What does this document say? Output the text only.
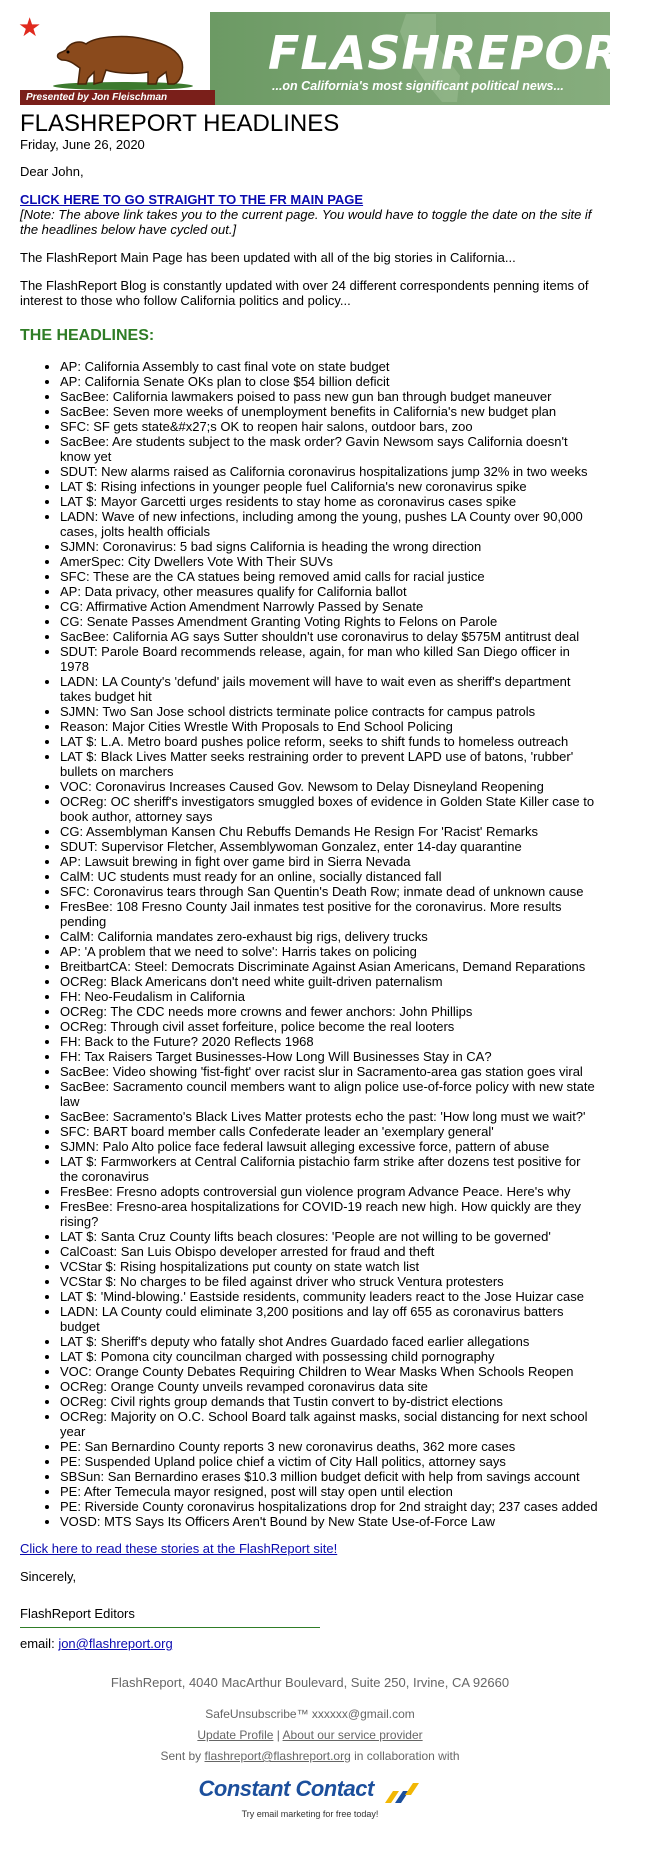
★
Presented by Jon Fleischman
FLASHREPORT
...on California's most significant political news...
FLASHREPORT HEADLINES
Friday, June 26, 2020

Dear John,

CLICK HERE TO GO STRAIGHT TO THE FR MAIN PAGE

[Note: The above link takes you to the current page. You would have to toggle the date on the site if the headlines below have cycled out.]

The FlashReport Main Page has been updated with all of the big stories in California...

The FlashReport Blog is constantly updated with over 24 different correspondents penning items of interest to those who follow California politics and policy...

THE HEADLINES:
• AP: California Assembly to cast final vote on state budget
• AP: California Senate OKs plan to close $54 billion deficit
• SacBee: California lawmakers poised to pass new gun ban through budget maneuver
• SacBee: Seven more weeks of unemployment benefits in California's new budget plan
• SFC: SF gets state&#x27;s OK to reopen hair salons, outdoor bars, zoo
• SacBee: Are students subject to the mask order? Gavin Newsom says California doesn't know yet
• SDUT: New alarms raised as California coronavirus hospitalizations jump 32% in two weeks
• LAT $: Rising infections in younger people fuel California's new coronavirus spike
• LAT $: Mayor Garcetti urges residents to stay home as coronavirus cases spike
• LADN: Wave of new infections, including among the young, pushes LA County over 90,000 cases, jolts health officials
• SJMN: Coronavirus: 5 bad signs California is heading the wrong direction
• AmerSpec: City Dwellers Vote With Their SUVs
• SFC: These are the CA statues being removed amid calls for racial justice
• AP: Data privacy, other measures qualify for California ballot
• CG: Affirmative Action Amendment Narrowly Passed by Senate
• CG: Senate Passes Amendment Granting Voting Rights to Felons on Parole
• SacBee: California AG says Sutter shouldn't use coronavirus to delay $575M antitrust deal
• SDUT: Parole Board recommends release, again, for man who killed San Diego officer in 1978
• LADN: LA County's 'defund' jails movement will have to wait even as sheriff's department takes budget hit
• SJMN: Two San Jose school districts terminate police contracts for campus patrols
• Reason: Major Cities Wrestle With Proposals to End School Policing
• LAT $: L.A. Metro board pushes police reform, seeks to shift funds to homeless outreach
• LAT $: Black Lives Matter seeks restraining order to prevent LAPD use of batons, 'rubber' bullets on marchers
• VOC: Coronavirus Increases Caused Gov. Newsom to Delay Disneyland Reopening
• OCReg: OC sheriff's investigators smuggled boxes of evidence in Golden State Killer case to book author, attorney says
• CG: Assemblyman Kansen Chu Rebuffs Demands He Resign For 'Racist' Remarks
• SDUT: Supervisor Fletcher, Assemblywoman Gonzalez, enter 14-day quarantine
• AP: Lawsuit brewing in fight over game bird in Sierra Nevada
• CalM: UC students must ready for an online, socially distanced fall
• SFC: Coronavirus tears through San Quentin's Death Row; inmate dead of unknown cause
• FresBee: 108 Fresno County Jail inmates test positive for the coronavirus. More results pending
• CalM: California mandates zero-exhaust big rigs, delivery trucks
• AP: 'A problem that we need to solve': Harris takes on policing
• BreitbartCA: Steel: Democrats Discriminate Against Asian Americans, Demand Reparations
• OCReg: Black Americans don't need white guilt-driven paternalism
• FH: Neo-Feudalism in California
• OCReg: The CDC needs more crowns and fewer anchors: John Phillips
• OCReg: Through civil asset forfeiture, police become the real looters
• FH: Back to the Future? 2020 Reflects 1968
• FH: Tax Raisers Target Businesses-How Long Will Businesses Stay in CA?
• SacBee: Video showing 'fist-fight' over racist slur in Sacramento-area gas station goes viral
• SacBee: Sacramento council members want to align police use-of-force policy with new state law
• SacBee: Sacramento's Black Lives Matter protests echo the past: 'How long must we wait?'
• SFC: BART board member calls Confederate leader an 'exemplary general'
• SJMN: Palo Alto police face federal lawsuit alleging excessive force, pattern of abuse
• LAT $: Farmworkers at Central California pistachio farm strike after dozens test positive for the coronavirus
• FresBee: Fresno adopts controversial gun violence program Advance Peace. Here's why
• FresBee: Fresno-area hospitalizations for COVID-19 reach new high. How quickly are they rising?
• LAT $: Santa Cruz County lifts beach closures: 'People are not willing to be governed'
• CalCoast: San Luis Obispo developer arrested for fraud and theft
• VCStar $: Rising hospitalizations put county on state watch list
• VCStar $: No charges to be filed against driver who struck Ventura protesters
• LAT $: 'Mind-blowing.' Eastside residents, community leaders react to the Jose Huizar case
• LADN: LA County could eliminate 3,200 positions and lay off 655 as coronavirus batters budget
• LAT $: Sheriff's deputy who fatally shot Andres Guardado faced earlier allegations
• LAT $: Pomona city councilman charged with possessing child pornography
• VOC: Orange County Debates Requiring Children to Wear Masks When Schools Reopen
• OCReg: Orange County unveils revamped coronavirus data site
• OCReg: Civil rights group demands that Tustin convert to by-district elections
• OCReg: Majority on O.C. School Board talk against masks, social distancing for next school year
• PE: San Bernardino County reports 3 new coronavirus deaths, 362 more cases
• PE: Suspended Upland police chief a victim of City Hall politics, attorney says
• SBSun: San Bernardino erases $10.3 million budget deficit with help from savings account
• PE: After Temecula mayor resigned, post will stay open until election
• PE: Riverside County coronavirus hospitalizations drop for 2nd straight day; 237 cases added
• VOSD: MTS Says Its Officers Aren't Bound by New State Use-of-Force Law

Click here to read these stories at the FlashReport site!

Sincerely,

FlashReport Editors
email: jon@flashreport.org
FlashReport, 4040 MacArthur Boulevard, Suite 250, Irvine, CA 92660
SafeUnsubscribe™ xxxxxx@gmail.com
Update Profile | About our service provider
Sent by flashreport@flashreport.org in collaboration with
Constant Contact
Try email marketing for free today!
